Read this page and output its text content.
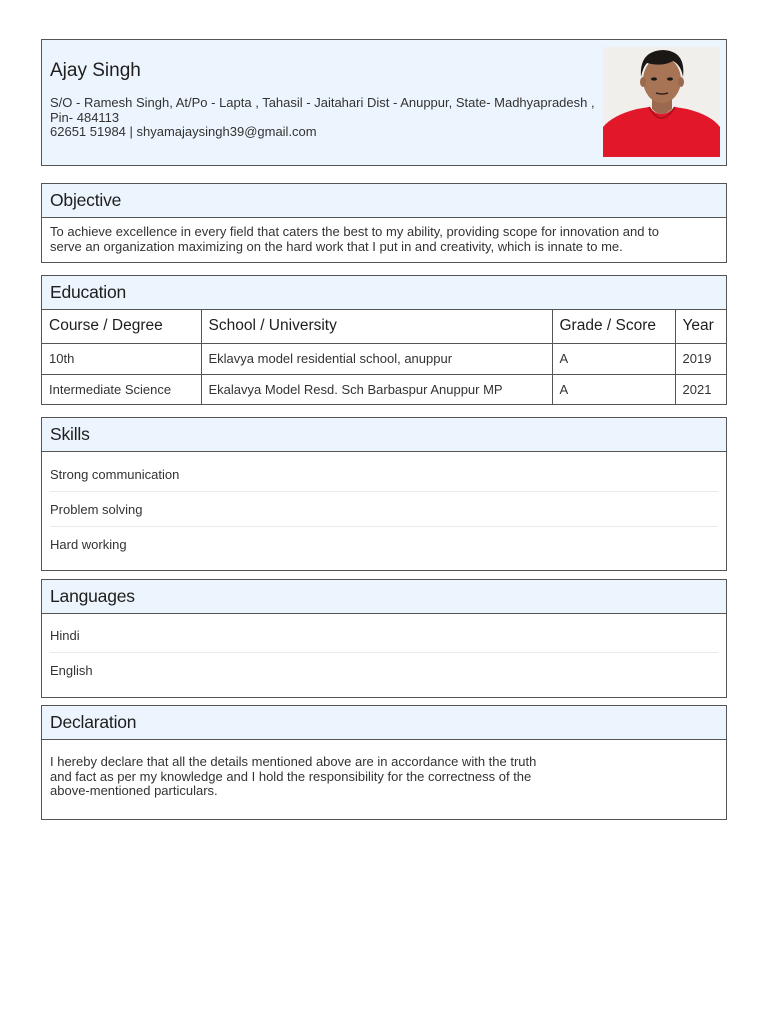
Ajay Singh
S/O - Ramesh Singh, At/Po - Lapta , Tahasil - Jaitahari Dist - Anuppur, State- Madhyapradesh , Pin- 484113
62651 51984 | shyamajaysingh39@gmail.com
Objective
To achieve excellence in every field that caters the best to my ability, providing scope for innovation and to serve an organization maximizing on the hard work that I put in and creativity, which is innate to me.
Education
Course / Degree	School / University	Grade / Score	Year
10th	Eklavya model residential school, anuppur	A	2019
Intermediate Science	Ekalavya Model Resd. Sch Barbaspur Anuppur MP	A	2021
Skills
Strong communication
Problem solving
Hard working
Languages
Hindi
English
Declaration
I hereby declare that all the details mentioned above are in accordance with the truth and fact as per my knowledge and I hold the responsibility for the correctness of the above-mentioned particulars.
